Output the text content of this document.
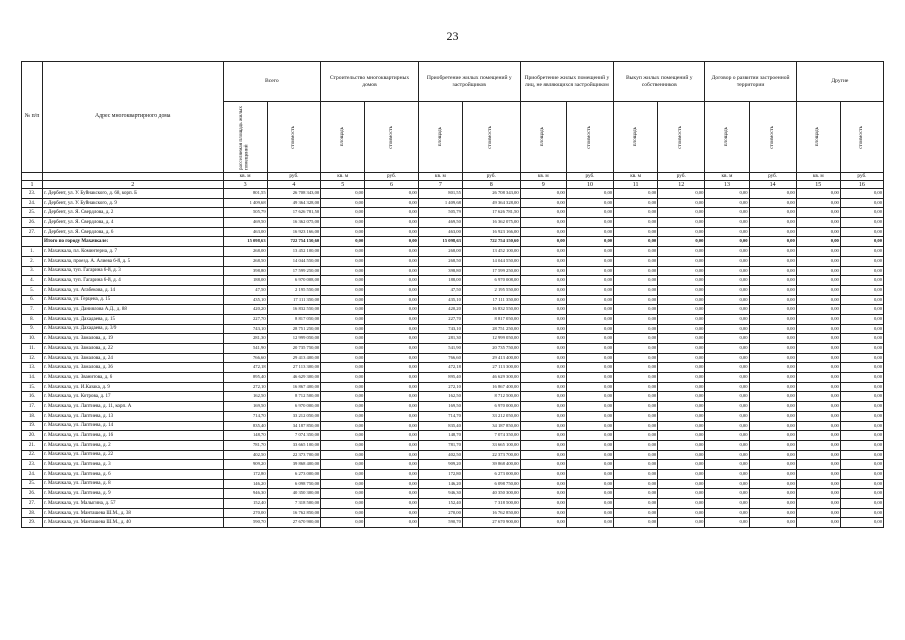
23
№ п/п	Адрес многоквартирного дома	Всего		Строительство многоквартирных домов		Приобретение жилых помещений у застройщиков		Приобретение жилых помещений у лиц, не являющихся застройщиком		Выкуп жилых помещений у собственников		Договор о развитии застроенной территории		Другие	

		расселяемая площадь жилых помещений	стоимость	площадь	стоимость	площадь	стоимость	площадь	стоимость	площадь	стоимость	площадь	стоимость	площадь	стоимость

		кв. м	руб.	кв. м	руб.	кв. м	руб.	кв. м	руб.	кв. м	руб.	кв. м	руб.	кв. м	руб.
1	2	3	4	5	6	7	8	9	10	11	12	13	14	15	16
23.	г. Дербент, ул. У. Буйнакского, д. 68, корп. Б	801,55	26 708 343,00	0,00	0,00	801,55	26 708 343,00	0,00	0,00	0,00	0,00	0,00	0,00	0,00	0,00
24.	г. Дербент, ул. У. Буйнакского, д. 9	1 409,68	49 364 328,00	0,00	0,00	1 409,68	49 364 328,00	0,00	0,00	0,00	0,00	0,00	0,00	0,00	0,00
25.	г. Дербент, ул. Я. Свердлова, д. 2	505,79	17 626 781,50	0,00	0,00	505,79	17 626 781,50	0,00	0,00	0,00	0,00	0,00	0,00	0,00	0,00
26.	г. Дербент, ул. Я. Свердлова, д. 4	469,50	16 362 075,00	0,00	0,00	469,50	16 362 075,00	0,00	0,00	0,00	0,00	0,00	0,00	0,00	0,00
27.	г. Дербент, ул. Я. Свердлова, д. 6	463,00	16 923 166,00	0,00	0,00	463,00	16 923 166,00	0,00	0,00	0,00	0,00	0,00	0,00	0,00	0,00
	Итого по городу Махачкале:	15 098,63	722 754 150,60	0,00	0,00	15 098,63	722 754 150,60	0,00	0,00	0,00	0,00	0,00	0,00	0,00	0,00
1.	г. Махачкала, пл. Коминтерна, д. 7	268,00	13 452 100,00	0,00	0,00	268,00	13 452 100,00	0,00	0,00	0,00	0,00	0,00	0,00	0,00	0,00
2.	г. Махачкала, проезд. А. Алиева 6-й, д. 5	268,50	14 044 550,00	0,00	0,00	268,50	14 044 550,00	0,00	0,00	0,00	0,00	0,00	0,00	0,00	0,00
3.	г. Махачкала, туп. Гагарина 6-й, д. 3	398,80	17 599 250,00	0,00	0,00	398,80	17 599 250,00	0,00	0,00	0,00	0,00	0,00	0,00	0,00	0,00
4.	г. Махачкала, туп. Гагарина 6-й, д. 4	188,00	6 970 008,00	0,00	0,00	188,00	6 970 008,00	0,00	0,00	0,00	0,00	0,00	0,00	0,00	0,00
5.	г. Махачкала, ул. Агабекова, д. 14	47,50	2 195 550,00	0,00	0,00	47,50	2 195 550,00	0,00	0,00	0,00	0,00	0,00	0,00	0,00	0,00
6.	г. Махачкала, ул. Герцена, д. 15	435,10	17 111 350,00	0,00	0,00	435,10	17 111 350,00	0,00	0,00	0,00	0,00	0,00	0,00	0,00	0,00
7.	г. Махачкала, ул. Даниялова А.Д., д. 88	420,20	16 832 550,00	0,00	0,00	420,20	16 832 550,00	0,00	0,00	0,00	0,00	0,00	0,00	0,00	0,00
8.	г. Махачкала, ул. Дахадаева, д. 15	227,70	8 817 050,00	0,00	0,00	227,70	8 817 050,00	0,00	0,00	0,00	0,00	0,00	0,00	0,00	0,00
9.	г. Махачкала, ул. Дахадаева, д. 3/9	743,10	28 751 250,00	0,00	0,00	743,10	28 751 250,00	0,00	0,00	0,00	0,00	0,00	0,00	0,00	0,00
10.	г. Махачкала, ул. Замалова, д. 19	281,30	12 999 050,00	0,00	0,00	281,30	12 999 050,00	0,00	0,00	0,00	0,00	0,00	0,00	0,00	0,00
11.	г. Махачкала, ул. Замалова, д. 22	541,90	20 735 750,00	0,00	0,00	541,90	20 735 750,00	0,00	0,00	0,00	0,00	0,00	0,00	0,00	0,00
12.	г. Махачкала, ул. Замалова, д. 24	766,60	29 413 400,00	0,00	0,00	766,60	29 413 400,00	0,00	0,00	0,00	0,00	0,00	0,00	0,00	0,00
13.	г. Махачкала, ул. Замалова, д. 36	472,18	27 113 300,00	0,00	0,00	472,18	27 113 300,00	0,00	0,00	0,00	0,00	0,00	0,00	0,00	0,00
14.	г. Махачкала, ул. Званитова, д. 6	895,40	46 629 300,00	0,00	0,00	895,40	46 629 300,00	0,00	0,00	0,00	0,00	0,00	0,00	0,00	0,00
15.	г. Махачкала, ул. И.Казака, д. 9	272,10	16 867 400,00	0,00	0,00	272,10	16 867 400,00	0,00	0,00	0,00	0,00	0,00	0,00	0,00	0,00
16.	г. Махачкала, ул. Котрова, д. 17	162,50	8 712 500,00	0,00	0,00	162,50	8 712 500,00	0,00	0,00	0,00	0,00	0,00	0,00	0,00	0,00
17.	г. Махачкала, ул. Лаптиева, д. 11, корп. А	169,50	6 970 000,00	0,00	0,00	169,50	6 970 000,00	0,00	0,00	0,00	0,00	0,00	0,00	0,00	0,00
18.	г. Махачкала, ул. Лаптиева, д. 13	714,70	33 212 050,00	0,00	0,00	714,70	33 212 050,00	0,00	0,00	0,00	0,00	0,00	0,00	0,00	0,00
19.	г. Махачкала, ул. Лаптиева, д. 14	835,40	34 187 850,00	0,00	0,00	835,40	34 187 850,00	0,00	0,00	0,00	0,00	0,00	0,00	0,00	0,00
20.	г. Махачкала, ул. Лаптиева, д. 16	148,70	7 074 350,00	0,00	0,00	148,70	7 074 350,00	0,00	0,00	0,00	0,00	0,00	0,00	0,00	0,00
21.	г. Махачкала, ул. Лаптиева, д. 2	781,70	33 665 100,00	0,00	0,00	781,70	33 665 100,00	0,00	0,00	0,00	0,00	0,00	0,00	0,00	0,00
22.	г. Махачкала, ул. Лаптиева, д. 22	402,50	22 373 700,00	0,00	0,00	402,50	22 373 700,00	0,00	0,00	0,00	0,00	0,00	0,00	0,00	0,00
23.	г. Махачкала, ул. Лаптиева, д. 3	909,20	39 868 400,00	0,00	0,00	909,20	39 868 400,00	0,00	0,00	0,00	0,00	0,00	0,00	0,00	0,00
24.	г. Махачкала, ул. Лаптиева, д. 6	172,80	6 273 000,00	0,00	0,00	172,80	6 273 000,00	0,00	0,00	0,00	0,00	0,00	0,00	0,00	0,00
25.	г. Махачкала, ул. Лаптиева, д. 8	146,20	6 098 750,00	0,00	0,00	146,20	6 098 750,00	0,00	0,00	0,00	0,00	0,00	0,00	0,00	0,00
26.	г. Махачкала, ул. Лаптиева, д. 9	946,30	40 350 300,00	0,00	0,00	946,30	40 350 300,00	0,00	0,00	0,00	0,00	0,00	0,00	0,00	0,00
27.	г. Махачкала, ул. Малыгина, д. 57	152,40	7 318 500,00	0,00	0,00	152,40	7 318 500,00	0,00	0,00	0,00	0,00	0,00	0,00	0,00	0,00
28.	г. Махачкала, ул. Манташева Ш.М., д. 38	270,00	16 762 850,00	0,00	0,00	270,00	16 762 850,00	0,00	0,00	0,00	0,00	0,00	0,00	0,00	0,00
29.	г. Махачкала, ул. Манташева Ш.М., д. 40	590,70	27 670 900,00	0,00	0,00	590,70	27 670 900,00	0,00	0,00	0,00	0,00	0,00	0,00	0,00	0,00
